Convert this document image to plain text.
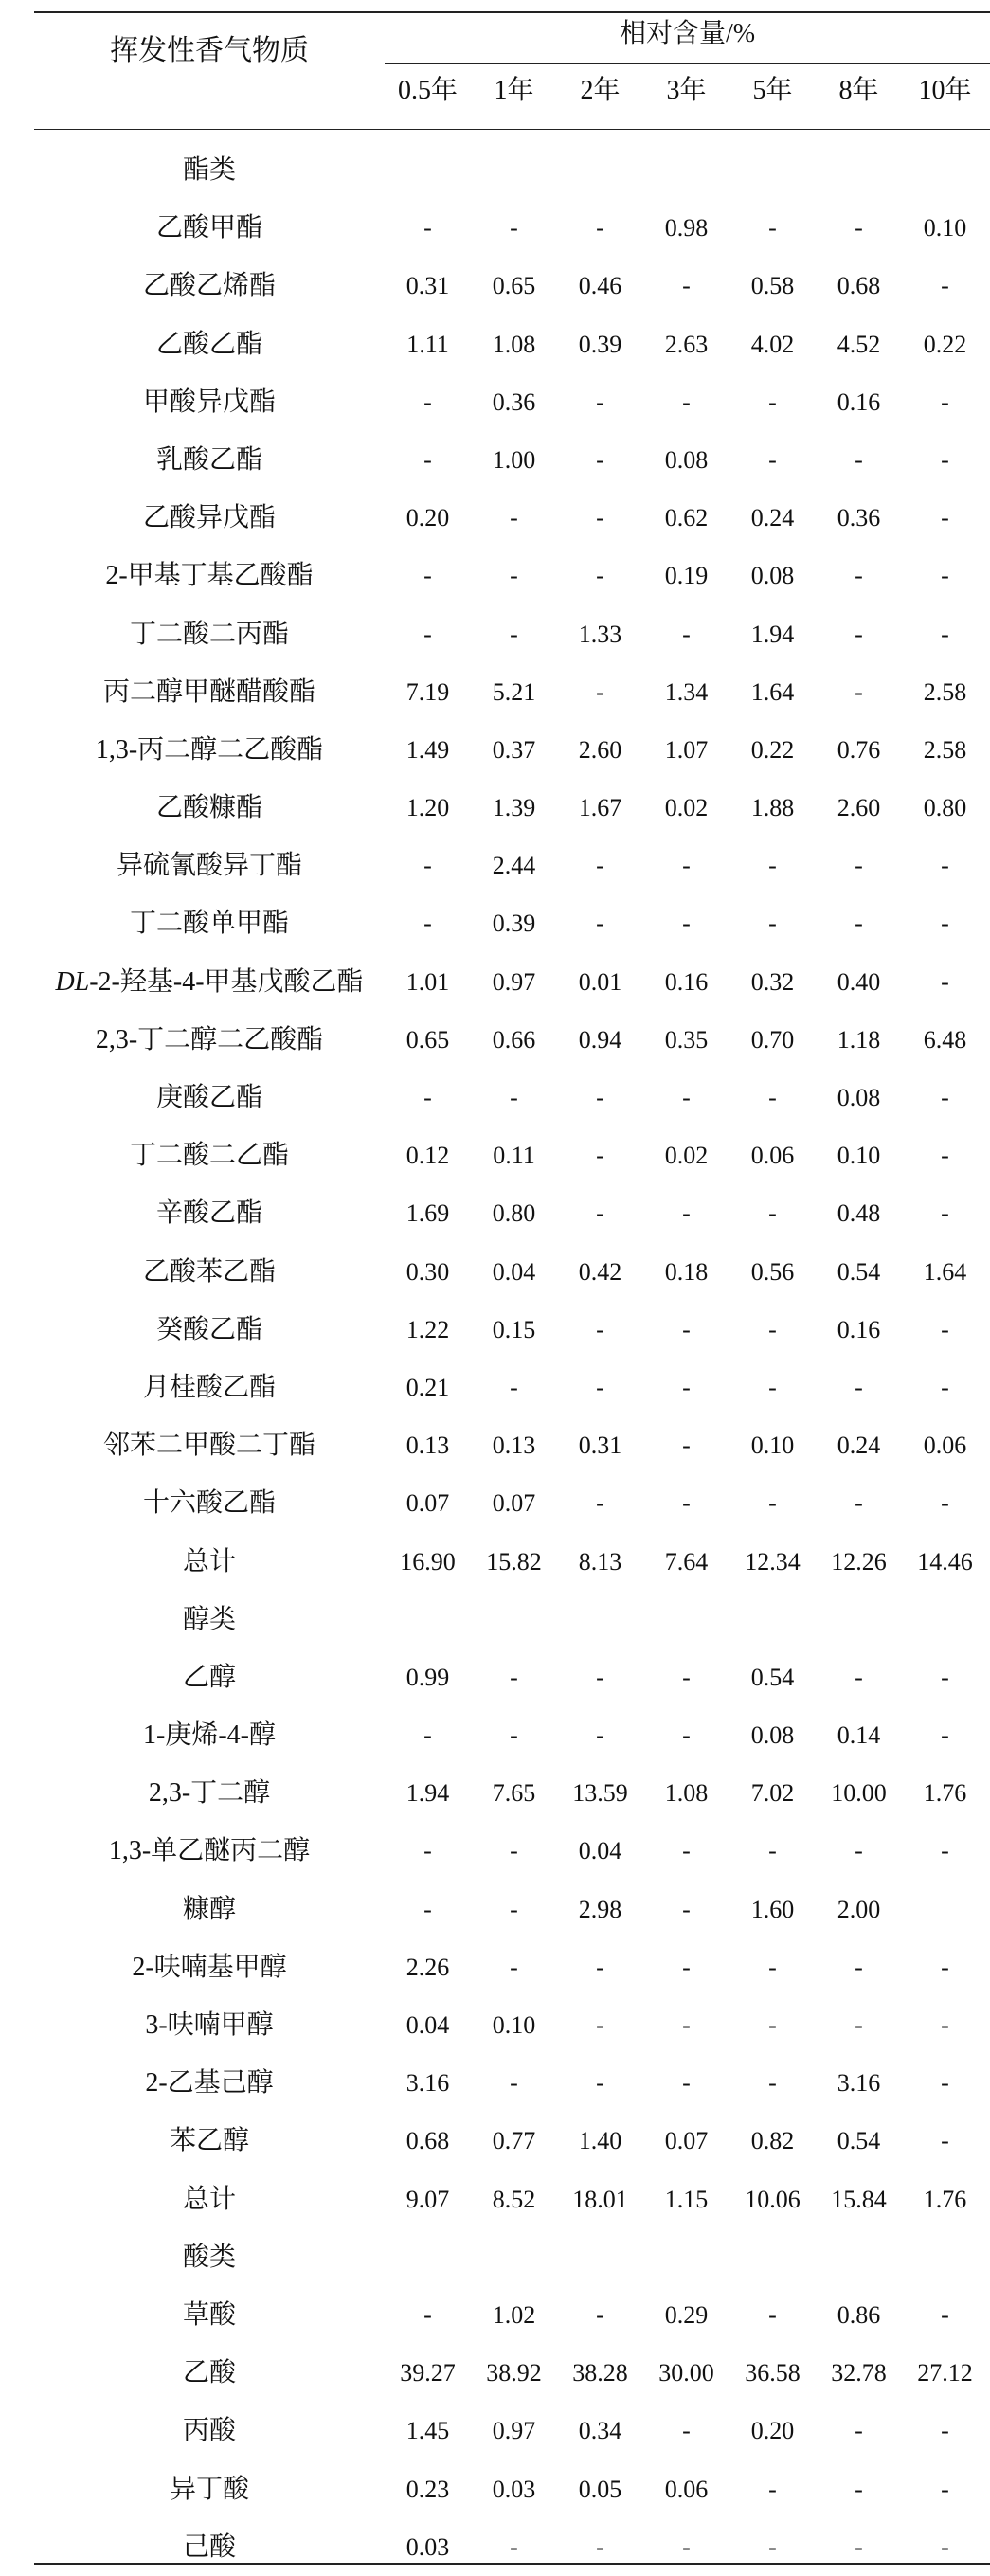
挥发性香气物质
相对含量/%
0.5年	1年	2年	3年	5年	8年	10年
酯类
乙酸甲酯	-	-	-	0.98	-	-	0.10
乙酸乙烯酯	0.31	0.65	0.46	-	0.58	0.68	-
乙酸乙酯	1.11	1.08	0.39	2.63	4.02	4.52	0.22
甲酸异戊酯	-	0.36	-	-	-	0.16	-
乳酸乙酯	-	1.00	-	0.08	-	-	-
乙酸异戊酯	0.20	-	-	0.62	0.24	0.36	-
2-甲基丁基乙酸酯	-	-	-	0.19	0.08	-	-
丁二酸二丙酯	-	-	1.33	-	1.94	-	-
丙二醇甲醚醋酸酯	7.19	5.21	-	1.34	1.64	-	2.58
1,3-丙二醇二乙酸酯	1.49	0.37	2.60	1.07	0.22	0.76	2.58
乙酸糠酯	1.20	1.39	1.67	0.02	1.88	2.60	0.80
异硫氰酸异丁酯	-	2.44	-	-	-	-	-
丁二酸单甲酯	-	0.39	-	-	-	-	-
DL-2-羟基-4-甲基戊酸乙酯	1.01	0.97	0.01	0.16	0.32	0.40	-
2,3-丁二醇二乙酸酯	0.65	0.66	0.94	0.35	0.70	1.18	6.48
庚酸乙酯	-	-	-	-	-	0.08	-
丁二酸二乙酯	0.12	0.11	-	0.02	0.06	0.10	-
辛酸乙酯	1.69	0.80	-	-	-	0.48	-
乙酸苯乙酯	0.30	0.04	0.42	0.18	0.56	0.54	1.64
癸酸乙酯	1.22	0.15	-	-	-	0.16	-
月桂酸乙酯	0.21	-	-	-	-	-	-
邻苯二甲酸二丁酯	0.13	0.13	0.31	-	0.10	0.24	0.06
十六酸乙酯	0.07	0.07	-	-	-	-	-
总计	16.90	15.82	8.13	7.64	12.34	12.26	14.46
醇类
乙醇	0.99	-	-	-	0.54	-	-
1-庚烯-4-醇	-	-	-	-	0.08	0.14	-
2,3-丁二醇	1.94	7.65	13.59	1.08	7.02	10.00	1.76
1,3-单乙醚丙二醇	-	-	0.04	-	-	-	-
糠醇	-	-	2.98	-	1.60	2.00
2-呋喃基甲醇	2.26	-	-	-	-	-	-
3-呋喃甲醇	0.04	0.10	-	-	-	-	-
2-乙基己醇	3.16	-	-	-	-	3.16	-
苯乙醇	0.68	0.77	1.40	0.07	0.82	0.54	-
总计	9.07	8.52	18.01	1.15	10.06	15.84	1.76
酸类
草酸	-	1.02	-	0.29	-	0.86	-
乙酸	39.27	38.92	38.28	30.00	36.58	32.78	27.12
丙酸	1.45	0.97	0.34	-	0.20	-	-
异丁酸	0.23	0.03	0.05	0.06	-	-	-
己酸	0.03	-	-	-	-	-	-
